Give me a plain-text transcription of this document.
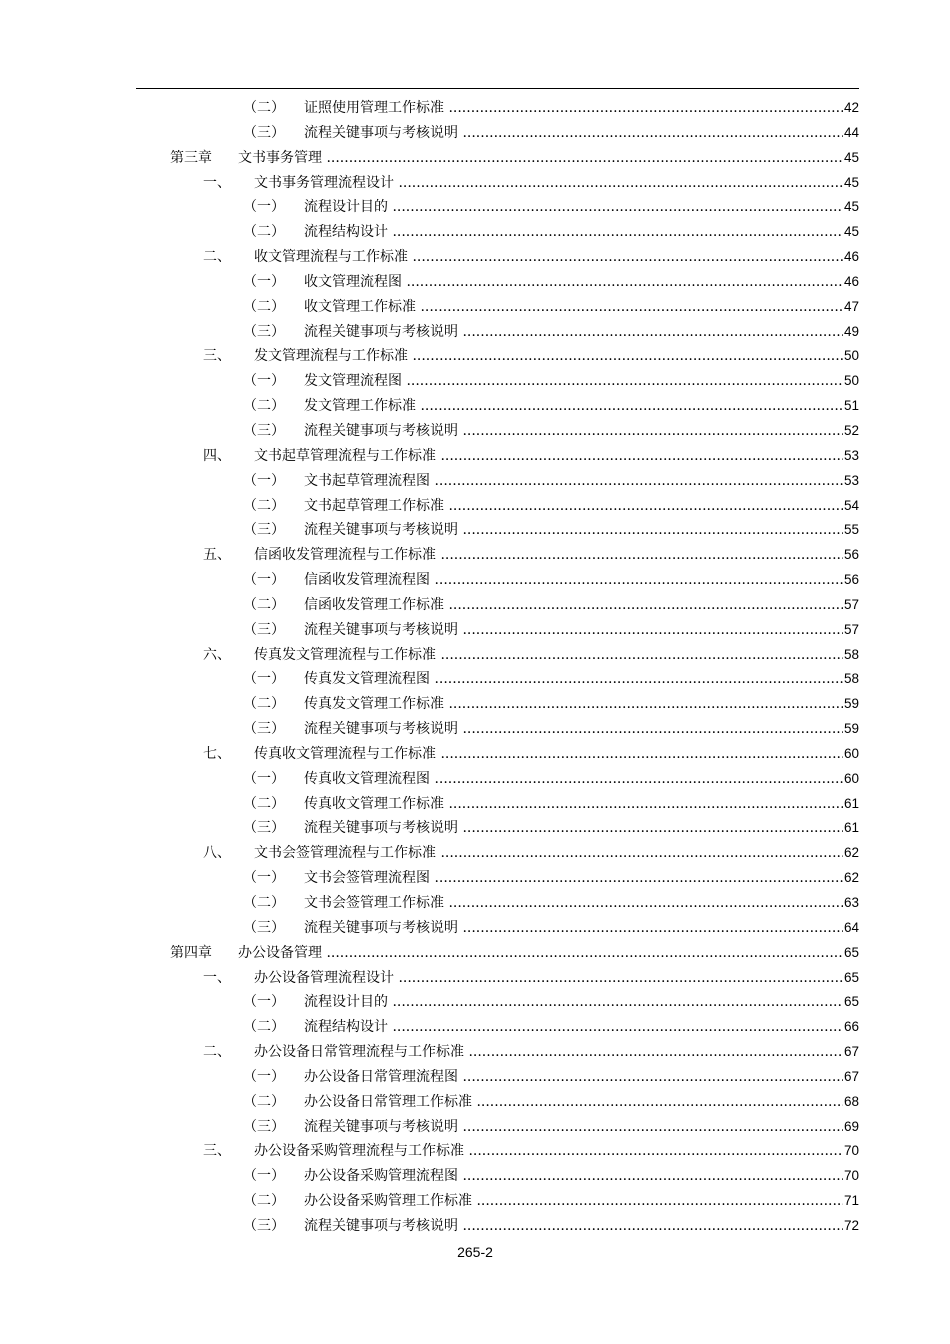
（二） 证照使用管理工作标准 .....	42
（三） 流程关键事项与考核说明 .....	44
第三章 文书事务管理 .....	45
一、 文书事务管理流程设计 .....	45
（一） 流程设计目的 .....	45
（二） 流程结构设计 .....	45
二、 收文管理流程与工作标准 .....	46
（一） 收文管理流程图 .....	46
（二） 收文管理工作标准 .....	47
（三） 流程关键事项与考核说明 .....	49
三、 发文管理流程与工作标准 .....	50
（一） 发文管理流程图 .....	50
（二） 发文管理工作标准 .....	51
（三） 流程关键事项与考核说明 .....	52
四、 文书起草管理流程与工作标准 .....	53
（一） 文书起草管理流程图 .....	53
（二） 文书起草管理工作标准 .....	54
（三） 流程关键事项与考核说明 .....	55
五、 信函收发管理流程与工作标准 .....	56
（一） 信函收发管理流程图 .....	56
（二） 信函收发管理工作标准 .....	57
（三） 流程关键事项与考核说明 .....	57
六、 传真发文管理流程与工作标准 .....	58
（一） 传真发文管理流程图 .....	58
（二） 传真发文管理工作标准 .....	59
（三） 流程关键事项与考核说明 .....	59
七、 传真收文管理流程与工作标准 .....	60
（一） 传真收文管理流程图 .....	60
（二） 传真收文管理工作标准 .....	61
（三） 流程关键事项与考核说明 .....	61
八、 文书会签管理流程与工作标准 .....	62
（一） 文书会签管理流程图 .....	62
（二） 文书会签管理工作标准 .....	63
（三） 流程关键事项与考核说明 .....	64
第四章 办公设备管理 .....	65
一、 办公设备管理流程设计 .....	65
（一） 流程设计目的 .....	65
（二） 流程结构设计 .....	66
二、 办公设备日常管理流程与工作标准 .....	67
（一） 办公设备日常管理流程图 .....	67
（二） 办公设备日常管理工作标准 .....	68
（三） 流程关键事项与考核说明 .....	69
三、 办公设备采购管理流程与工作标准 .....	70
（一） 办公设备采购管理流程图 .....	70
（二） 办公设备采购管理工作标准 .....	71
（三） 流程关键事项与考核说明 .....	72
265-2
